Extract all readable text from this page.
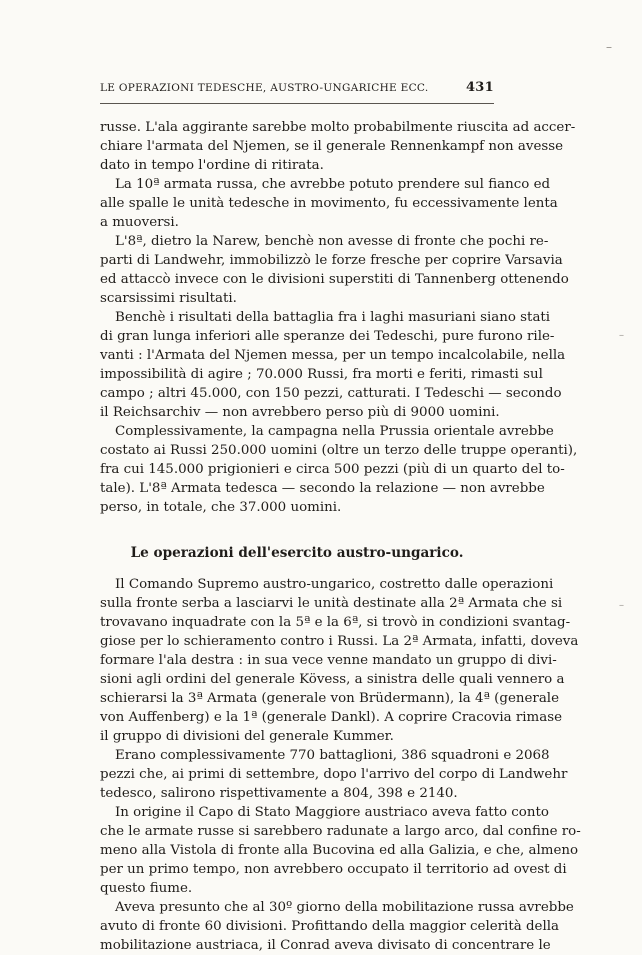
–
–
–
LE OPERAZIONI TEDESCHE, AUSTRO-UNGARICHE ECC.	431
russe. L'ala aggirante sarebbe molto probabilmente riuscita ad accer-
chiare l'armata del Njemen, se il generale Rennenkampf non avesse
dato in tempo l'ordine di ritirata.
La 10ª armata russa, che avrebbe potuto prendere sul fianco ed
alle spalle le unità tedesche in movimento, fu eccessivamente lenta
a muoversi.
L'8ª, dietro la Narew, benchè non avesse di fronte che pochi re-
parti di Landwehr, immobilizzò le forze fresche per coprire Varsavia
ed attaccò invece con le divisioni superstiti di Tannenberg ottenendo
scarsissimi risultati.
Benchè i risultati della battaglia fra i laghi masuriani siano stati
di gran lunga inferiori alle speranze dei Tedeschi, pure furono rile-
vanti : l'Armata del Njemen messa, per un tempo incalcolabile, nella
impossibilità di agire ; 70.000 Russi, fra morti e feriti, rimasti sul
campo ; altri 45.000, con 150 pezzi, catturati. I Tedeschi — secondo
il Reichsarchiv — non avrebbero perso più di 9000 uomini.
Complessivamente, la campagna nella Prussia orientale avrebbe
costato ai Russi 250.000 uomini (oltre un terzo delle truppe operanti),
fra cui 145.000 prigionieri e circa 500 pezzi (più di un quarto del to-
tale). L'8ª Armata tedesca — secondo la relazione — non avrebbe
perso, in totale, che 37.000 uomini.
Le operazioni dell'esercito austro-ungarico.
Il Comando Supremo austro-ungarico, costretto dalle operazioni
sulla fronte serba a lasciarvi le unità destinate alla 2ª Armata che si
trovavano inquadrate con la 5ª e la 6ª, si trovò in condizioni svantag-
giose per lo schieramento contro i Russi. La 2ª Armata, infatti, doveva
formare l'ala destra : in sua vece venne mandato un gruppo di divi-
sioni agli ordini del generale Kövess, a sinistra delle quali vennero a
schierarsi la 3ª Armata (generale von Brüdermann), la 4ª (generale
von Auffenberg) e la 1ª (generale Dankl). A coprire Cracovia rimase
il gruppo di divisioni del generale Kummer.
Erano complessivamente 770 battaglioni, 386 squadroni e 2068
pezzi che, ai primi di settembre, dopo l'arrivo del corpo di Landwehr
tedesco, salirono rispettivamente a 804, 398 e 2140.
In origine il Capo di Stato Maggiore austriaco aveva fatto conto
che le armate russe si sarebbero radunate a largo arco, dal confine ro-
meno alla Vistola di fronte alla Bucovina ed alla Galizia, e che, almeno
per un primo tempo, non avrebbero occupato il territorio ad ovest di
questo fiume.
Aveva presunto che al 30º giorno della mobilitazione russa avrebbe
avuto di fronte 60 divisioni. Profittando della maggior celerità della
mobilitazione austriaca, il Conrad aveva divisato di concentrare le
